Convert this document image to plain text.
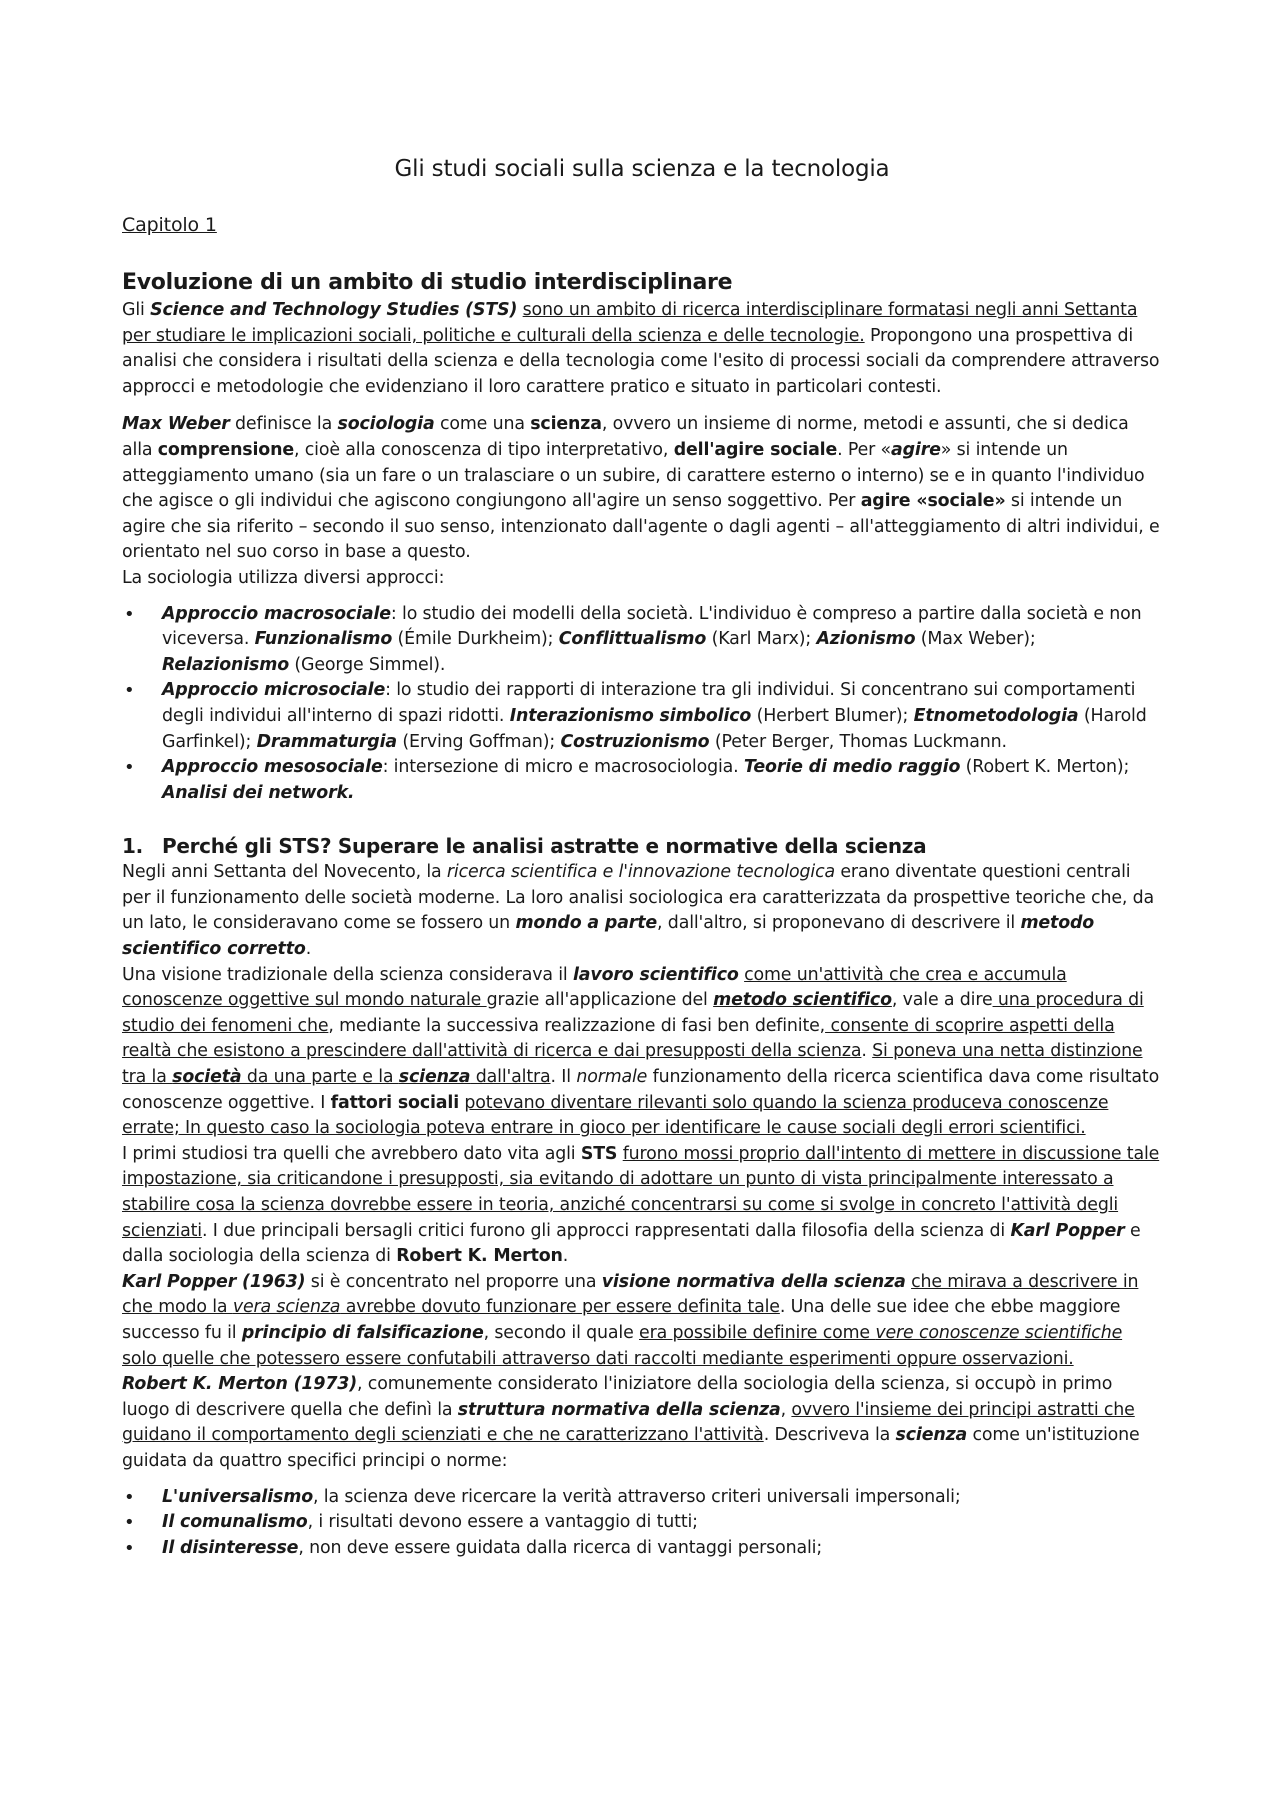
Gli studi sociali sulla scienza e la tecnologia
Capitolo 1
Evoluzione di un ambito di studio interdisciplinare

Gli Science and Technology Studies (STS) sono un ambito di ricerca interdisciplinare formatasi negli anni Settanta per studiare le implicazioni sociali, politiche e culturali della scienza e delle tecnologie. Propongono una prospettiva di analisi che considera i risultati della scienza e della tecnologia come l'esito di processi sociali da comprendere attraverso approcci e metodologie che evidenziano il loro carattere pratico e situato in particolari contesti.

Max Weber definisce la sociologia come una scienza, ovvero un insieme di norme, metodi e assunti, che si dedica alla comprensione, cioè alla conoscenza di tipo interpretativo, dell'agire sociale. Per «agire» si intende un atteggiamento umano (sia un fare o un tralasciare o un subire, di carattere esterno o interno) se e in quanto l'individuo che agisce o gli individui che agiscono congiungono all'agire un senso soggettivo. Per agire «sociale» si intende un agire che sia riferito – secondo il suo senso, intenzionato dall'agente o dagli agenti – all'atteggiamento di altri individui, e orientato nel suo corso in base a questo.

La sociologia utilizza diversi approcci:

• Approccio macrosociale: lo studio dei modelli della società. L'individuo è compreso a partire dalla società e non viceversa. Funzionalismo (Émile Durkheim); Conflittualismo (Karl Marx); Azionismo (Max Weber); Relazionismo (George Simmel).
• Approccio microsociale: lo studio dei rapporti di interazione tra gli individui. Si concentrano sui comportamenti degli individui all'interno di spazi ridotti. Interazionismo simbolico (Herbert Blumer); Etnometodologia (Harold Garfinkel); Drammaturgia (Erving Goffman); Costruzionismo (Peter Berger, Thomas Luckmann.
• Approccio mesosociale: intersezione di micro e macrosociologia. Teorie di medio raggio (Robert K. Merton); Analisi dei network.
1. Perché gli STS? Superare le analisi astratte e normative della scienza

Negli anni Settanta del Novecento, la ricerca scientifica e l'innovazione tecnologica erano diventate questioni centrali per il funzionamento delle società moderne. La loro analisi sociologica era caratterizzata da prospettive teoriche che, da un lato, le consideravano come se fossero un mondo a parte, dall'altro, si proponevano di descrivere il metodo scientifico corretto.

Una visione tradizionale della scienza considerava il lavoro scientifico come un'attività che crea e accumula conoscenze oggettive sul mondo naturale grazie all'applicazione del metodo scientifico, vale a dire una procedura di studio dei fenomeni che, mediante la successiva realizzazione di fasi ben definite, consente di scoprire aspetti della realtà che esistono a prescindere dall'attività di ricerca e dai presupposti della scienza. Si poneva una netta distinzione tra la società da una parte e la scienza dall'altra. Il normale funzionamento della ricerca scientifica dava come risultato conoscenze oggettive. I fattori sociali potevano diventare rilevanti solo quando la scienza produceva conoscenze errate; In questo caso la sociologia poteva entrare in gioco per identificare le cause sociali degli errori scientifici.

I primi studiosi tra quelli che avrebbero dato vita agli STS furono mossi proprio dall'intento di mettere in discussione tale impostazione, sia criticandone i presupposti, sia evitando di adottare un punto di vista principalmente interessato a stabilire cosa la scienza dovrebbe essere in teoria, anziché concentrarsi su come si svolge in concreto l'attività degli scienziati. I due principali bersagli critici furono gli approcci rappresentati dalla filosofia della scienza di Karl Popper e dalla sociologia della scienza di Robert K. Merton.

Karl Popper (1963) si è concentrato nel proporre una visione normativa della scienza che mirava a descrivere in che modo la vera scienza avrebbe dovuto funzionare per essere definita tale. Una delle sue idee che ebbe maggiore successo fu il principio di falsificazione, secondo il quale era possibile definire come vere conoscenze scientifiche solo quelle che potessero essere confutabili attraverso dati raccolti mediante esperimenti oppure osservazioni.

Robert K. Merton (1973), comunemente considerato l'iniziatore della sociologia della scienza, si occupò in primo luogo di descrivere quella che definì la struttura normativa della scienza, ovvero l'insieme dei principi astratti che guidano il comportamento degli scienziati e che ne caratterizzano l'attività. Descriveva la scienza come un'istituzione guidata da quattro specifici principi o norme:

• L'universalismo, la scienza deve ricercare la verità attraverso criteri universali impersonali;
• Il comunalismo, i risultati devono essere a vantaggio di tutti;
• Il disinteresse, non deve essere guidata dalla ricerca di vantaggi personali;
